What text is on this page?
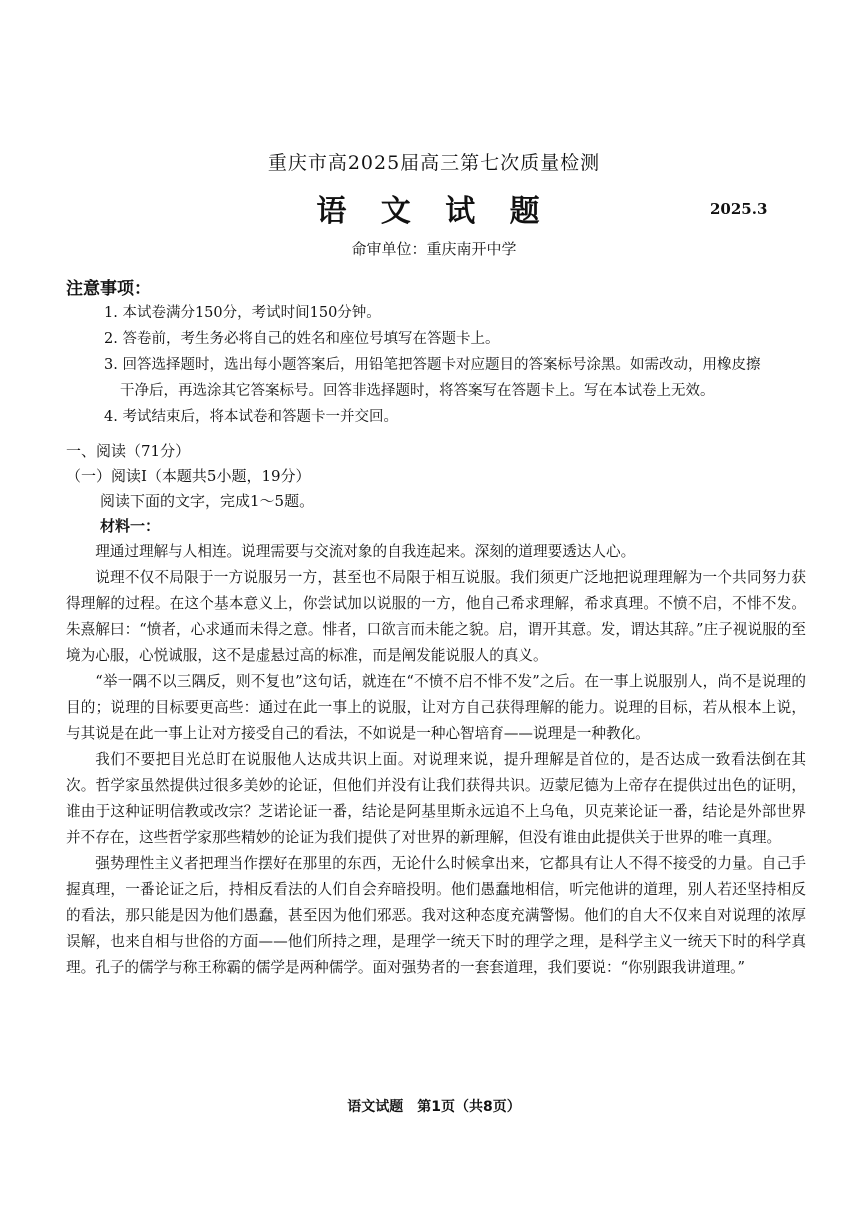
重庆市高2025届高三第七次质量检测
语 文 试 题	2025.3
命审单位：重庆南开中学
注意事项：
1. 本试卷满分150分，考试时间150分钟。
2. 答卷前，考生务必将自己的姓名和座位号填写在答题卡上。
3. 回答选择题时，选出每小题答案后，用铅笔把答题卡对应题目的答案标号涂黑。如需改动，用橡皮擦
干净后，再选涂其它答案标号。回答非选择题时，将答案写在答题卡上。写在本试卷上无效。
4. 考试结束后，将本试卷和答题卡一并交回。
一、阅读（71分）
（一）阅读Ⅰ（本题共5小题，19分）
阅读下面的文字，完成1～5题。
材料一：

理通过理解与人相连。说理需要与交流对象的自我连起来。深刻的道理要透达人心。

说理不仅不局限于一方说服另一方，甚至也不局限于相互说服。我们须更广泛地把说理理解为一个共同努力获得理解的过程。在这个基本意义上，你尝试加以说服的一方，他自己希求理解，希求真理。不愤不启，不悱不发。朱熹解曰：“愤者，心求通而未得之意。悱者，口欲言而未能之貌。启，谓开其意。发，谓达其辞。”庄子视说服的至境为心服，心悦诚服，这不是虚悬过高的标准，而是阐发能说服人的真义。

“举一隅不以三隅反，则不复也”这句话，就连在“不愤不启不悱不发”之后。在一事上说服别人，尚不是说理的目的；说理的目标要更高些：通过在此一事上的说服，让对方自己获得理解的能力。说理的目标，若从根本上说，与其说是在此一事上让对方接受自己的看法，不如说是一种心智培育——说理是一种教化。

我们不要把目光总盯在说服他人达成共识上面。对说理来说，提升理解是首位的，是否达成一致看法倒在其次。哲学家虽然提供过很多美妙的论证，但他们并没有让我们获得共识。迈蒙尼德为上帝存在提供过出色的证明，谁由于这种证明信教或改宗？芝诺论证一番，结论是阿基里斯永远追不上乌龟，贝克莱论证一番，结论是外部世界并不存在，这些哲学家那些精妙的论证为我们提供了对世界的新理解，但没有谁由此提供关于世界的唯一真理。

强势理性主义者把理当作摆好在那里的东西，无论什么时候拿出来，它都具有让人不得不接受的力量。自己手握真理，一番论证之后，持相反看法的人们自会弃暗投明。他们愚蠢地相信，听完他讲的道理，别人若还坚持相反的看法，那只能是因为他们愚蠢，甚至因为他们邪恶。我对这种态度充满警惕。他们的自大不仅来自对说理的浓厚误解，也来自相与世俗的方面——他们所持之理，是理学一统天下时的理学之理，是科学主义一统天下时的科学真理。孔子的儒学与称王称霸的儒学是两种儒学。面对强势者的一套套道理，我们要说：“你别跟我讲道理。”

语文试题　第1页（共8页）
